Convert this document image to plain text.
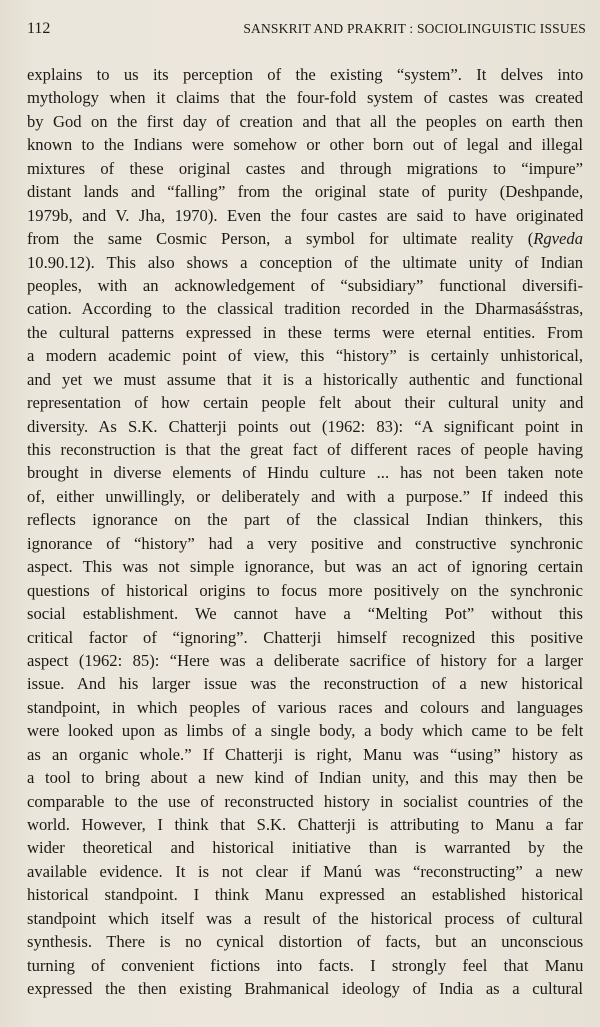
112	SANSKRIT AND PRAKRIT : SOCIOLINGUISTIC ISSUES
explains to us its perception of the existing “system”. It delves into
mythology when it claims that the four-fold system of castes was created
by God on the first day of creation and that all the peoples on earth then
known to the Indians were somehow or other born out of legal and illegal
mixtures of these original castes and through migrations to “impure”
distant lands and “falling” from the original state of purity (Deshpande,
1979b, and V. Jha, 1970). Even the four castes are said to have originated
from the same Cosmic Person, a symbol for ultimate reality (Rgveda
10.90.12). This also shows a conception of the ultimate unity of Indian
peoples, with an acknowledgement of “subsidiary” functional diversifi-
cation. According to the classical tradition recorded in the Dharmasáśstras,
the cultural patterns expressed in these terms were eternal entities. From
a modern academic point of view, this “history” is certainly unhistorical,
and yet we must assume that it is a historically authentic and functional
representation of how certain people felt about their cultural unity and
diversity. As S.K. Chatterji points out (1962: 83): “A significant point in
this reconstruction is that the great fact of different races of people having
brought in diverse elements of Hindu culture ... has not been taken note
of, either unwillingly, or deliberately and with a purpose.” If indeed this
reflects ignorance on the part of the classical Indian thinkers, this
ignorance of “history” had a very positive and constructive synchronic
aspect. This was not simple ignorance, but was an act of ignoring certain
questions of historical origins to focus more positively on the synchronic
social establishment. We cannot have a “Melting Pot” without this
critical factor of “ignoring”. Chatterji himself recognized this positive
aspect (1962: 85): “Here was a deliberate sacrifice of history for a larger
issue. And his larger issue was the reconstruction of a new historical
standpoint, in which peoples of various races and colours and languages
were looked upon as limbs of a single body, a body which came to be felt
as an organic whole.” If Chatterji is right, Manu was “using” history as
a tool to bring about a new kind of Indian unity, and this may then be
comparable to the use of reconstructed history in socialist countries of the
world. However, I think that S.K. Chatterji is attributing to Manu a far
wider theoretical and historical initiative than is warranted by the
available evidence. It is not clear if Manú was “reconstructing” a new
historical standpoint. I think Manu expressed an established historical
standpoint which itself was a result of the historical process of cultural
synthesis. There is no cynical distortion of facts, but an unconscious
turning of convenient fictions into facts. I strongly feel that Manu
expressed the then existing Brahmanical ideology of India as a cultural
